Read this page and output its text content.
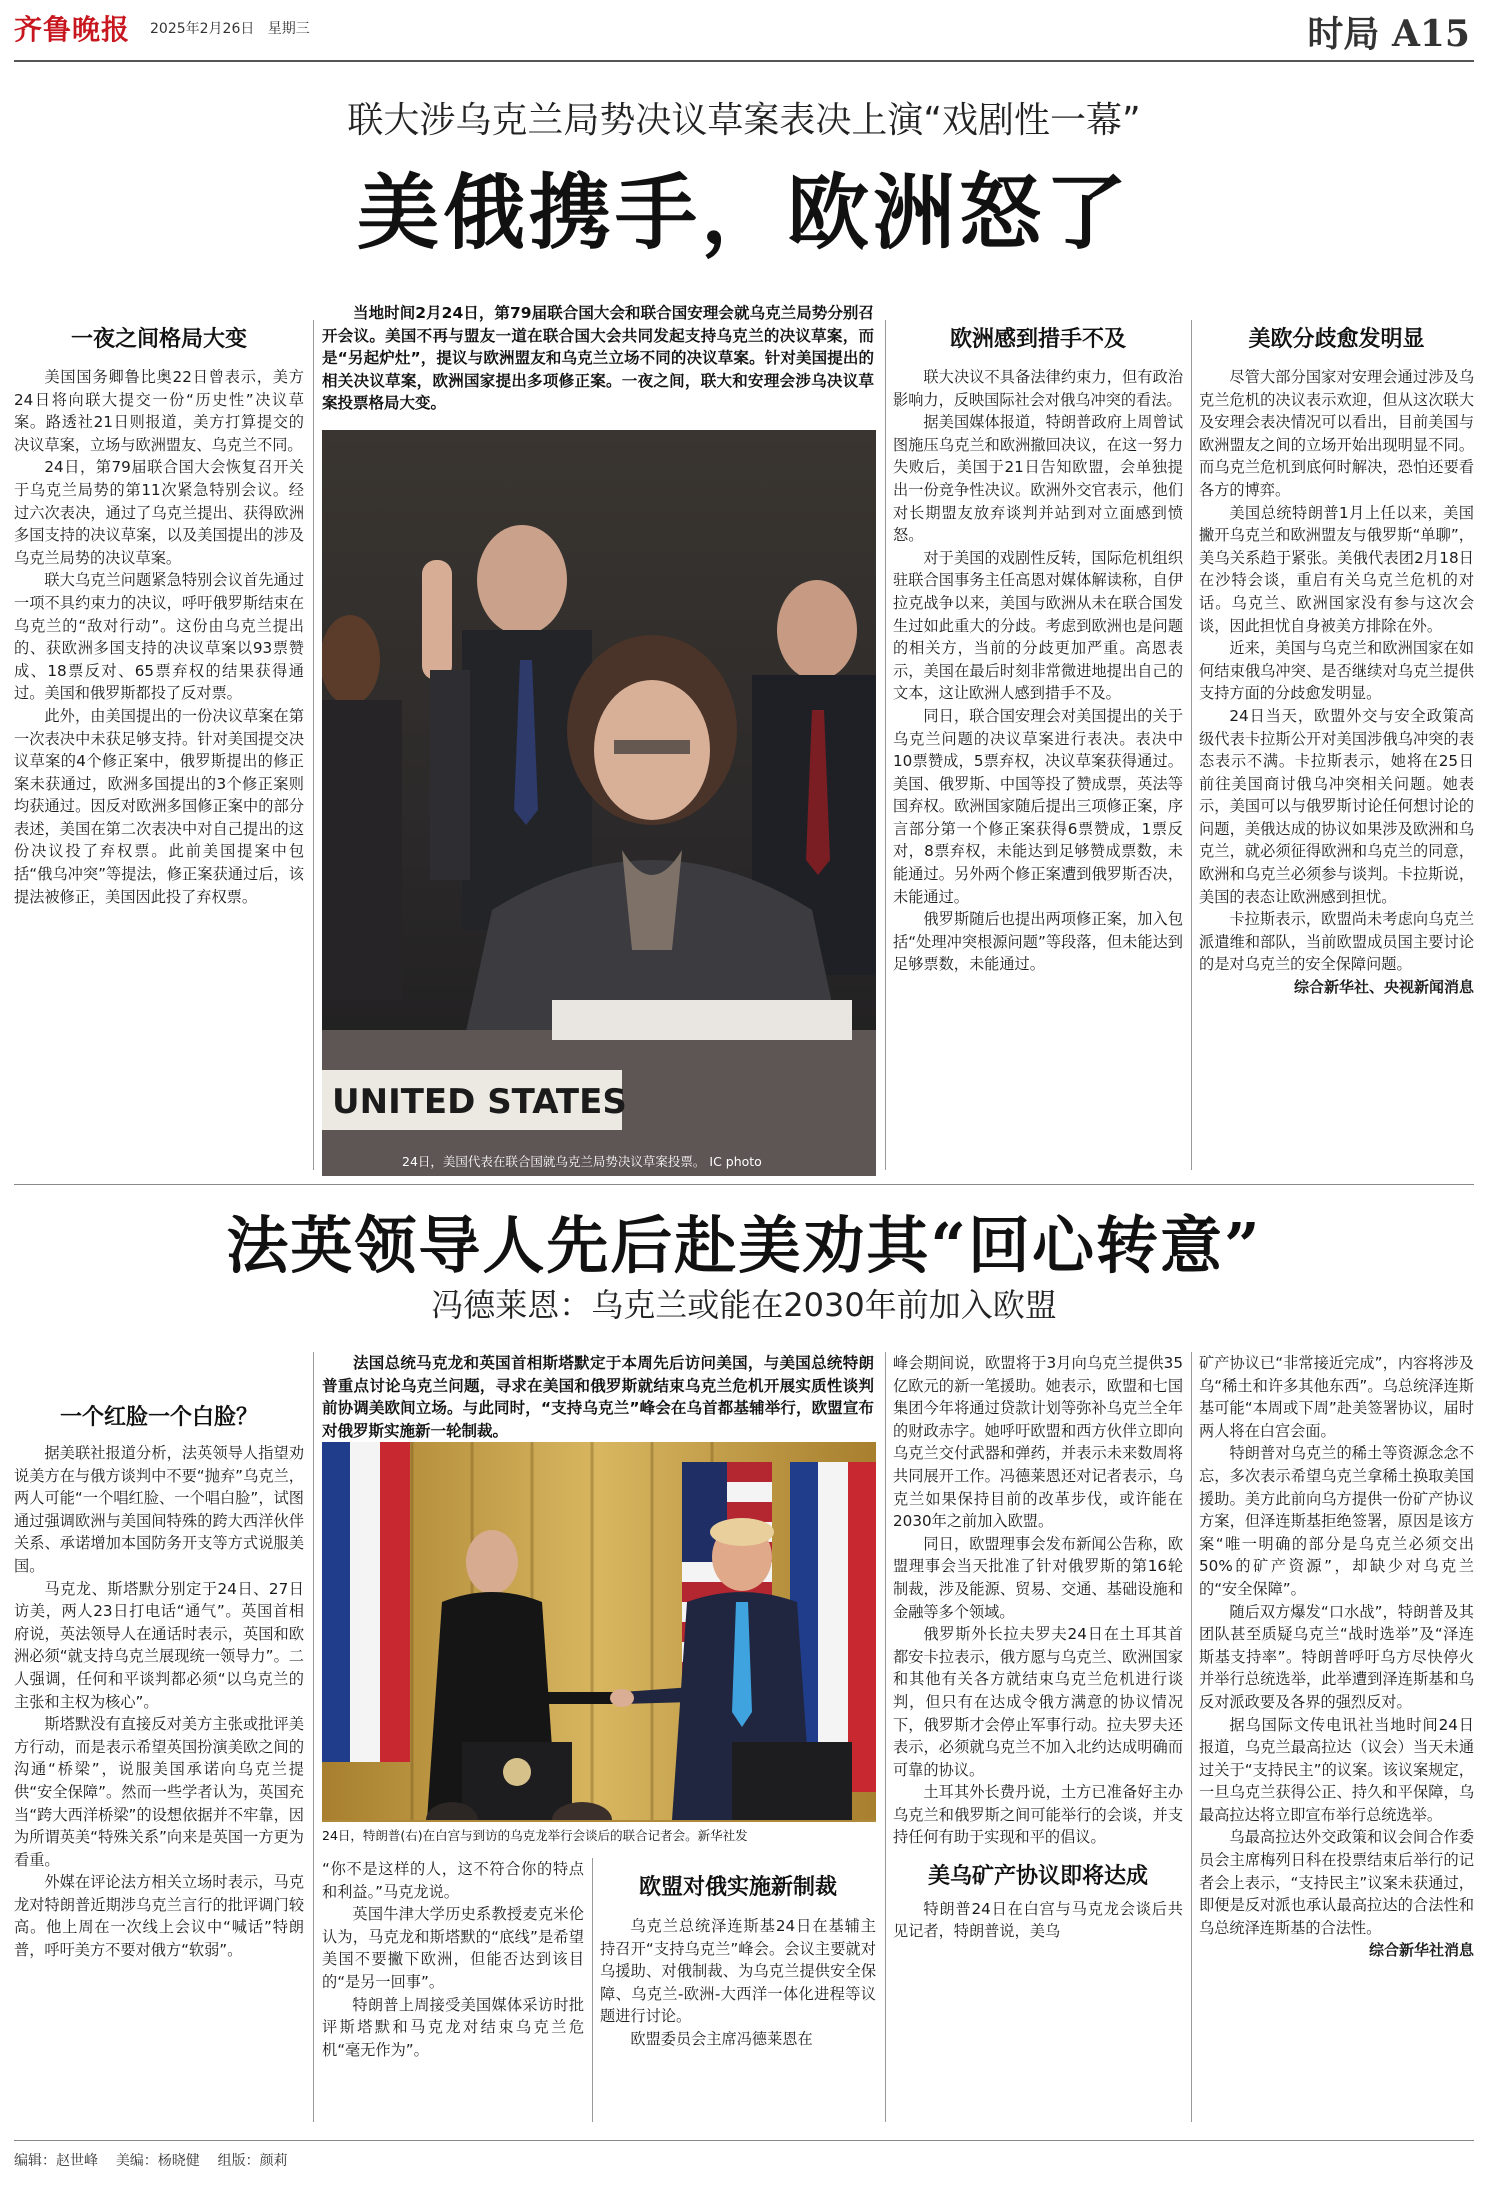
齐鲁晚报 2025年2月26日 星期三	时局 A15
联大涉乌克兰局势决议草案表决上演“戏剧性一幕”
美俄携手，欧洲怒了
一夜之间格局大变

美国国务卿鲁比奥22日曾表示，美方24日将向联大提交一份“历史性”决议草案。路透社21日则报道，美方打算提交的决议草案，立场与欧洲盟友、乌克兰不同。

24日，第79届联合国大会恢复召开关于乌克兰局势的第11次紧急特别会议。经过六次表决，通过了乌克兰提出、获得欧洲多国支持的决议草案，以及美国提出的涉及乌克兰局势的决议草案。

联大乌克兰问题紧急特别会议首先通过一项不具约束力的决议，呼吁俄罗斯结束在乌克兰的“敌对行动”。这份由乌克兰提出的、获欧洲多国支持的决议草案以93票赞成、18票反对、65票弃权的结果获得通过。美国和俄罗斯都投了反对票。

此外，由美国提出的一份决议草案在第一次表决中未获足够支持。针对美国提交决议草案的4个修正案中，俄罗斯提出的修正案未获通过，欧洲多国提出的3个修正案则均获通过。因反对欧洲多国修正案中的部分表述，美国在第二次表决中对自己提出的这份决议投了弃权票。此前美国提案中包括“俄乌冲突”等提法，修正案获通过后，该提法被修正，美国因此投了弃权票。

当地时间2月24日，第79届联合国大会和联合国安理会就乌克兰局势分别召开会议。美国不再与盟友一道在联合国大会共同发起支持乌克兰的决议草案，而是“另起炉灶”，提议与欧洲盟友和乌克兰立场不同的决议草案。针对美国提出的相关决议草案，欧洲国家提出多项修正案。一夜之间，联大和安理会涉乌决议草案投票格局大变。

UNITED STATES
24日，美国代表在联合国就乌克兰局势决议草案投票。 IC photo
欧洲感到措手不及

联大决议不具备法律约束力，但有政治影响力，反映国际社会对俄乌冲突的看法。

据美国媒体报道，特朗普政府上周曾试图施压乌克兰和欧洲撤回决议，在这一努力失败后，美国于21日告知欧盟，会单独提出一份竞争性决议。欧洲外交官表示，他们对长期盟友放弃谈判并站到对立面感到愤怒。

对于美国的戏剧性反转，国际危机组织驻联合国事务主任高恩对媒体解读称，自伊拉克战争以来，美国与欧洲从未在联合国发生过如此重大的分歧。考虑到欧洲也是问题的相关方，当前的分歧更加严重。高恩表示，美国在最后时刻非常微进地提出自己的文本，这让欧洲人感到措手不及。

同日，联合国安理会对美国提出的关于乌克兰问题的决议草案进行表决。表决中10票赞成，5票弃权，决议草案获得通过。美国、俄罗斯、中国等投了赞成票，英法等国弃权。欧洲国家随后提出三项修正案，序言部分第一个修正案获得6票赞成，1票反对，8票弃权，未能达到足够赞成票数，未能通过。另外两个修正案遭到俄罗斯否决，未能通过。

俄罗斯随后也提出两项修正案，加入包括“处理冲突根源问题”等段落，但未能达到足够票数，未能通过。

美欧分歧愈发明显

尽管大部分国家对安理会通过涉及乌克兰危机的决议表示欢迎，但从这次联大及安理会表决情况可以看出，目前美国与欧洲盟友之间的立场开始出现明显不同。而乌克兰危机到底何时解决，恐怕还要看各方的博弈。

美国总统特朗普1月上任以来，美国撇开乌克兰和欧洲盟友与俄罗斯“单聊”，美乌关系趋于紧张。美俄代表团2月18日在沙特会谈，重启有关乌克兰危机的对话。乌克兰、欧洲国家没有参与这次会谈，因此担忧自身被美方排除在外。

近来，美国与乌克兰和欧洲国家在如何结束俄乌冲突、是否继续对乌克兰提供支持方面的分歧愈发明显。

24日当天，欧盟外交与安全政策高级代表卡拉斯公开对美国涉俄乌冲突的表态表示不满。卡拉斯表示，她将在25日前往美国商讨俄乌冲突相关问题。她表示，美国可以与俄罗斯讨论任何想讨论的问题，美俄达成的协议如果涉及欧洲和乌克兰，就必须征得欧洲和乌克兰的同意，欧洲和乌克兰必须参与谈判。卡拉斯说，美国的表态让欧洲感到担忧。

卡拉斯表示，欧盟尚未考虑向乌克兰派遣维和部队，当前欧盟成员国主要讨论的是对乌克兰的安全保障问题。

综合新华社、央视新闻消息
法英领导人先后赴美劝其“回心转意”
冯德莱恩：乌克兰或能在2030年前加入欧盟
一个红脸一个白脸？

据美联社报道分析，法英领导人指望劝说美方在与俄方谈判中不要“抛弃”乌克兰，两人可能“一个唱红脸、一个唱白脸”，试图通过强调欧洲与美国间特殊的跨大西洋伙伴关系、承诺增加本国防务开支等方式说服美国。

马克龙、斯塔默分别定于24日、27日访美，两人23日打电话“通气”。英国首相府说，英法领导人在通话时表示，英国和欧洲必须“就支持乌克兰展现统一领导力”。二人强调，任何和平谈判都必须“以乌克兰的主张和主权为核心”。

斯塔默没有直接反对美方主张或批评美方行动，而是表示希望英国扮演美欧之间的沟通“桥梁”，说服美国承诺向乌克兰提供“安全保障”。然而一些学者认为，英国充当“跨大西洋桥梁”的设想依据并不牢靠，因为所谓英美“特殊关系”向来是英国一方更为看重。

外媒在评论法方相关立场时表示，马克龙对特朗普近期涉乌克兰言行的批评调门较高。他上周在一次线上会议中“喊话”特朗普，呼吁美方不要对俄方“软弱”。

法国总统马克龙和英国首相斯塔默定于本周先后访问美国，与美国总统特朗普重点讨论乌克兰问题，寻求在美国和俄罗斯就结束乌克兰危机开展实质性谈判前协调美欧间立场。与此同时，“支持乌克兰”峰会在乌首都基辅举行，欧盟宣布对俄罗斯实施新一轮制裁。

24日，特朗普(右)在白宫与到访的乌克龙举行会谈后的联合记者会。新华社发

“你不是这样的人，这不符合你的特点和利益。”马克龙说。

英国牛津大学历史系教授麦克米伦认为，马克龙和斯塔默的“底线”是希望美国不要撇下欧洲，但能否达到该目的“是另一回事”。

特朗普上周接受美国媒体采访时批评斯塔默和马克龙对结束乌克兰危机“毫无作为”。

欧盟对俄实施新制裁

乌克兰总统泽连斯基24日在基辅主持召开“支持乌克兰”峰会。会议主要就对乌援助、对俄制裁、为乌克兰提供安全保障、乌克兰-欧洲-大西洋一体化进程等议题进行讨论。

欧盟委员会主席冯德莱恩在

峰会期间说，欧盟将于3月向乌克兰提供35亿欧元的新一笔援助。她表示，欧盟和七国集团今年将通过贷款计划等弥补乌克兰全年的财政赤字。她呼吁欧盟和西方伙伴立即向乌克兰交付武器和弹药，并表示未来数周将共同展开工作。冯德莱恩还对记者表示，乌克兰如果保持目前的改革步伐，或许能在2030年之前加入欧盟。

同日，欧盟理事会发布新闻公告称，欧盟理事会当天批准了针对俄罗斯的第16轮制裁，涉及能源、贸易、交通、基础设施和金融等多个领域。

俄罗斯外长拉夫罗夫24日在土耳其首都安卡拉表示，俄方愿与乌克兰、欧洲国家和其他有关各方就结束乌克兰危机进行谈判，但只有在达成令俄方满意的协议情况下，俄罗斯才会停止军事行动。拉夫罗夫还表示，必须就乌克兰不加入北约达成明确而可靠的协议。

土耳其外长费丹说，土方已准备好主办乌克兰和俄罗斯之间可能举行的会谈，并支持任何有助于实现和平的倡议。

美乌矿产协议即将达成

特朗普24日在白宫与马克龙会谈后共见记者，特朗普说，美乌

矿产协议已“非常接近完成”，内容将涉及乌“稀土和许多其他东西”。乌总统泽连斯基可能“本周或下周”赴美签署协议，届时两人将在白宫会面。

特朗普对乌克兰的稀土等资源念念不忘，多次表示希望乌克兰拿稀土换取美国援助。美方此前向乌方提供一份矿产协议方案，但泽连斯基拒绝签署，原因是该方案“唯一明确的部分是乌克兰必须交出50%的矿产资源”，却缺少对乌克兰的“安全保障”。

随后双方爆发“口水战”，特朗普及其团队甚至质疑乌克兰“战时选举”及“泽连斯基支持率”。特朗普呼吁乌方尽快停火并举行总统选举，此举遭到泽连斯基和乌反对派政要及各界的强烈反对。

据乌国际文传电讯社当地时间24日报道，乌克兰最高拉达（议会）当天未通过关于“支持民主”的议案。该议案规定，一旦乌克兰获得公正、持久和平保障，乌最高拉达将立即宣布举行总统选举。

乌最高拉达外交政策和议会间合作委员会主席梅列日科在投票结束后举行的记者会上表示，“支持民主”议案未获通过，即便是反对派也承认最高拉达的合法性和乌总统泽连斯基的合法性。

综合新华社消息
编辑：赵世峰 美编：杨晓健 组版：颜莉
